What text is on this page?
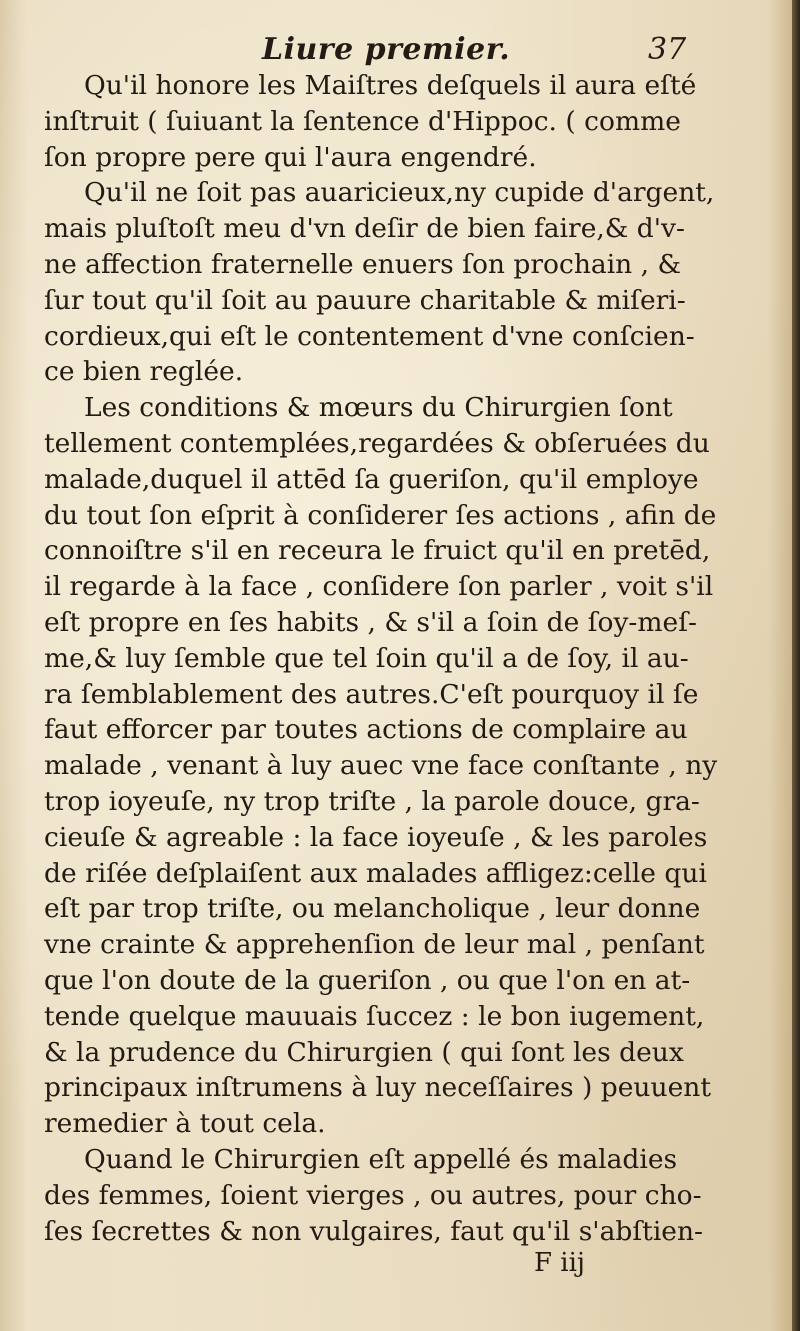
Liure premier.	37
Qu'il honore les Maiſtres deſquels il aura eſté
inſtruit ( ſuiuant la ſentence d'Hippoc. ( comme
ſon propre pere qui l'aura engendré.
Qu'il ne ſoit pas auaricieux,ny cupide d'argent,
mais pluſtoſt meu d'vn deſir de bien faire,& d'v-
ne affection fraternelle enuers ſon prochain , &
ſur tout qu'il ſoit au pauure charitable & miſeri-
cordieux,qui eſt le contentement d'vne conſcien-
ce bien reglée.
Les conditions & mœurs du Chirurgien ſont
tellement contemplées,regardées & obſeruées du
malade,duquel il attēd ſa gueriſon, qu'il employe
du tout ſon eſprit à conſiderer ſes actions , afin de
connoiſtre s'il en receura le fruict qu'il en pretēd,
il regarde à la face , conſidere ſon parler , voit s'il
eſt propre en ſes habits , & s'il a ſoin de ſoy-meſ-
me,& luy ſemble que tel ſoin qu'il a de ſoy, il au-
ra ſemblablement des autres.C'eſt pourquoy il ſe
faut efforcer par toutes actions de complaire au
malade , venant à luy auec vne face conſtante , ny
trop ioyeuſe, ny trop triſte , la parole douce, gra-
cieuſe & agreable : la face ioyeuſe , & les paroles
de riſée deſplaiſent aux malades affligez:celle qui
eſt par trop triſte, ou melancholique , leur donne
vne crainte & apprehenſion de leur mal , penſant
que l'on doute de la gueriſon , ou que l'on en at-
tende quelque mauuais ſuccez : le bon iugement,
& la prudence du Chirurgien ( qui ſont les deux
principaux inſtrumens à luy neceſſaires ) peuuent
remedier à tout cela.
Quand le Chirurgien eſt appellé és maladies
des femmes, ſoient vierges , ou autres, pour cho-
ſes ſecrettes & non vulgaires, faut qu'il s'abſtien-
F iij
